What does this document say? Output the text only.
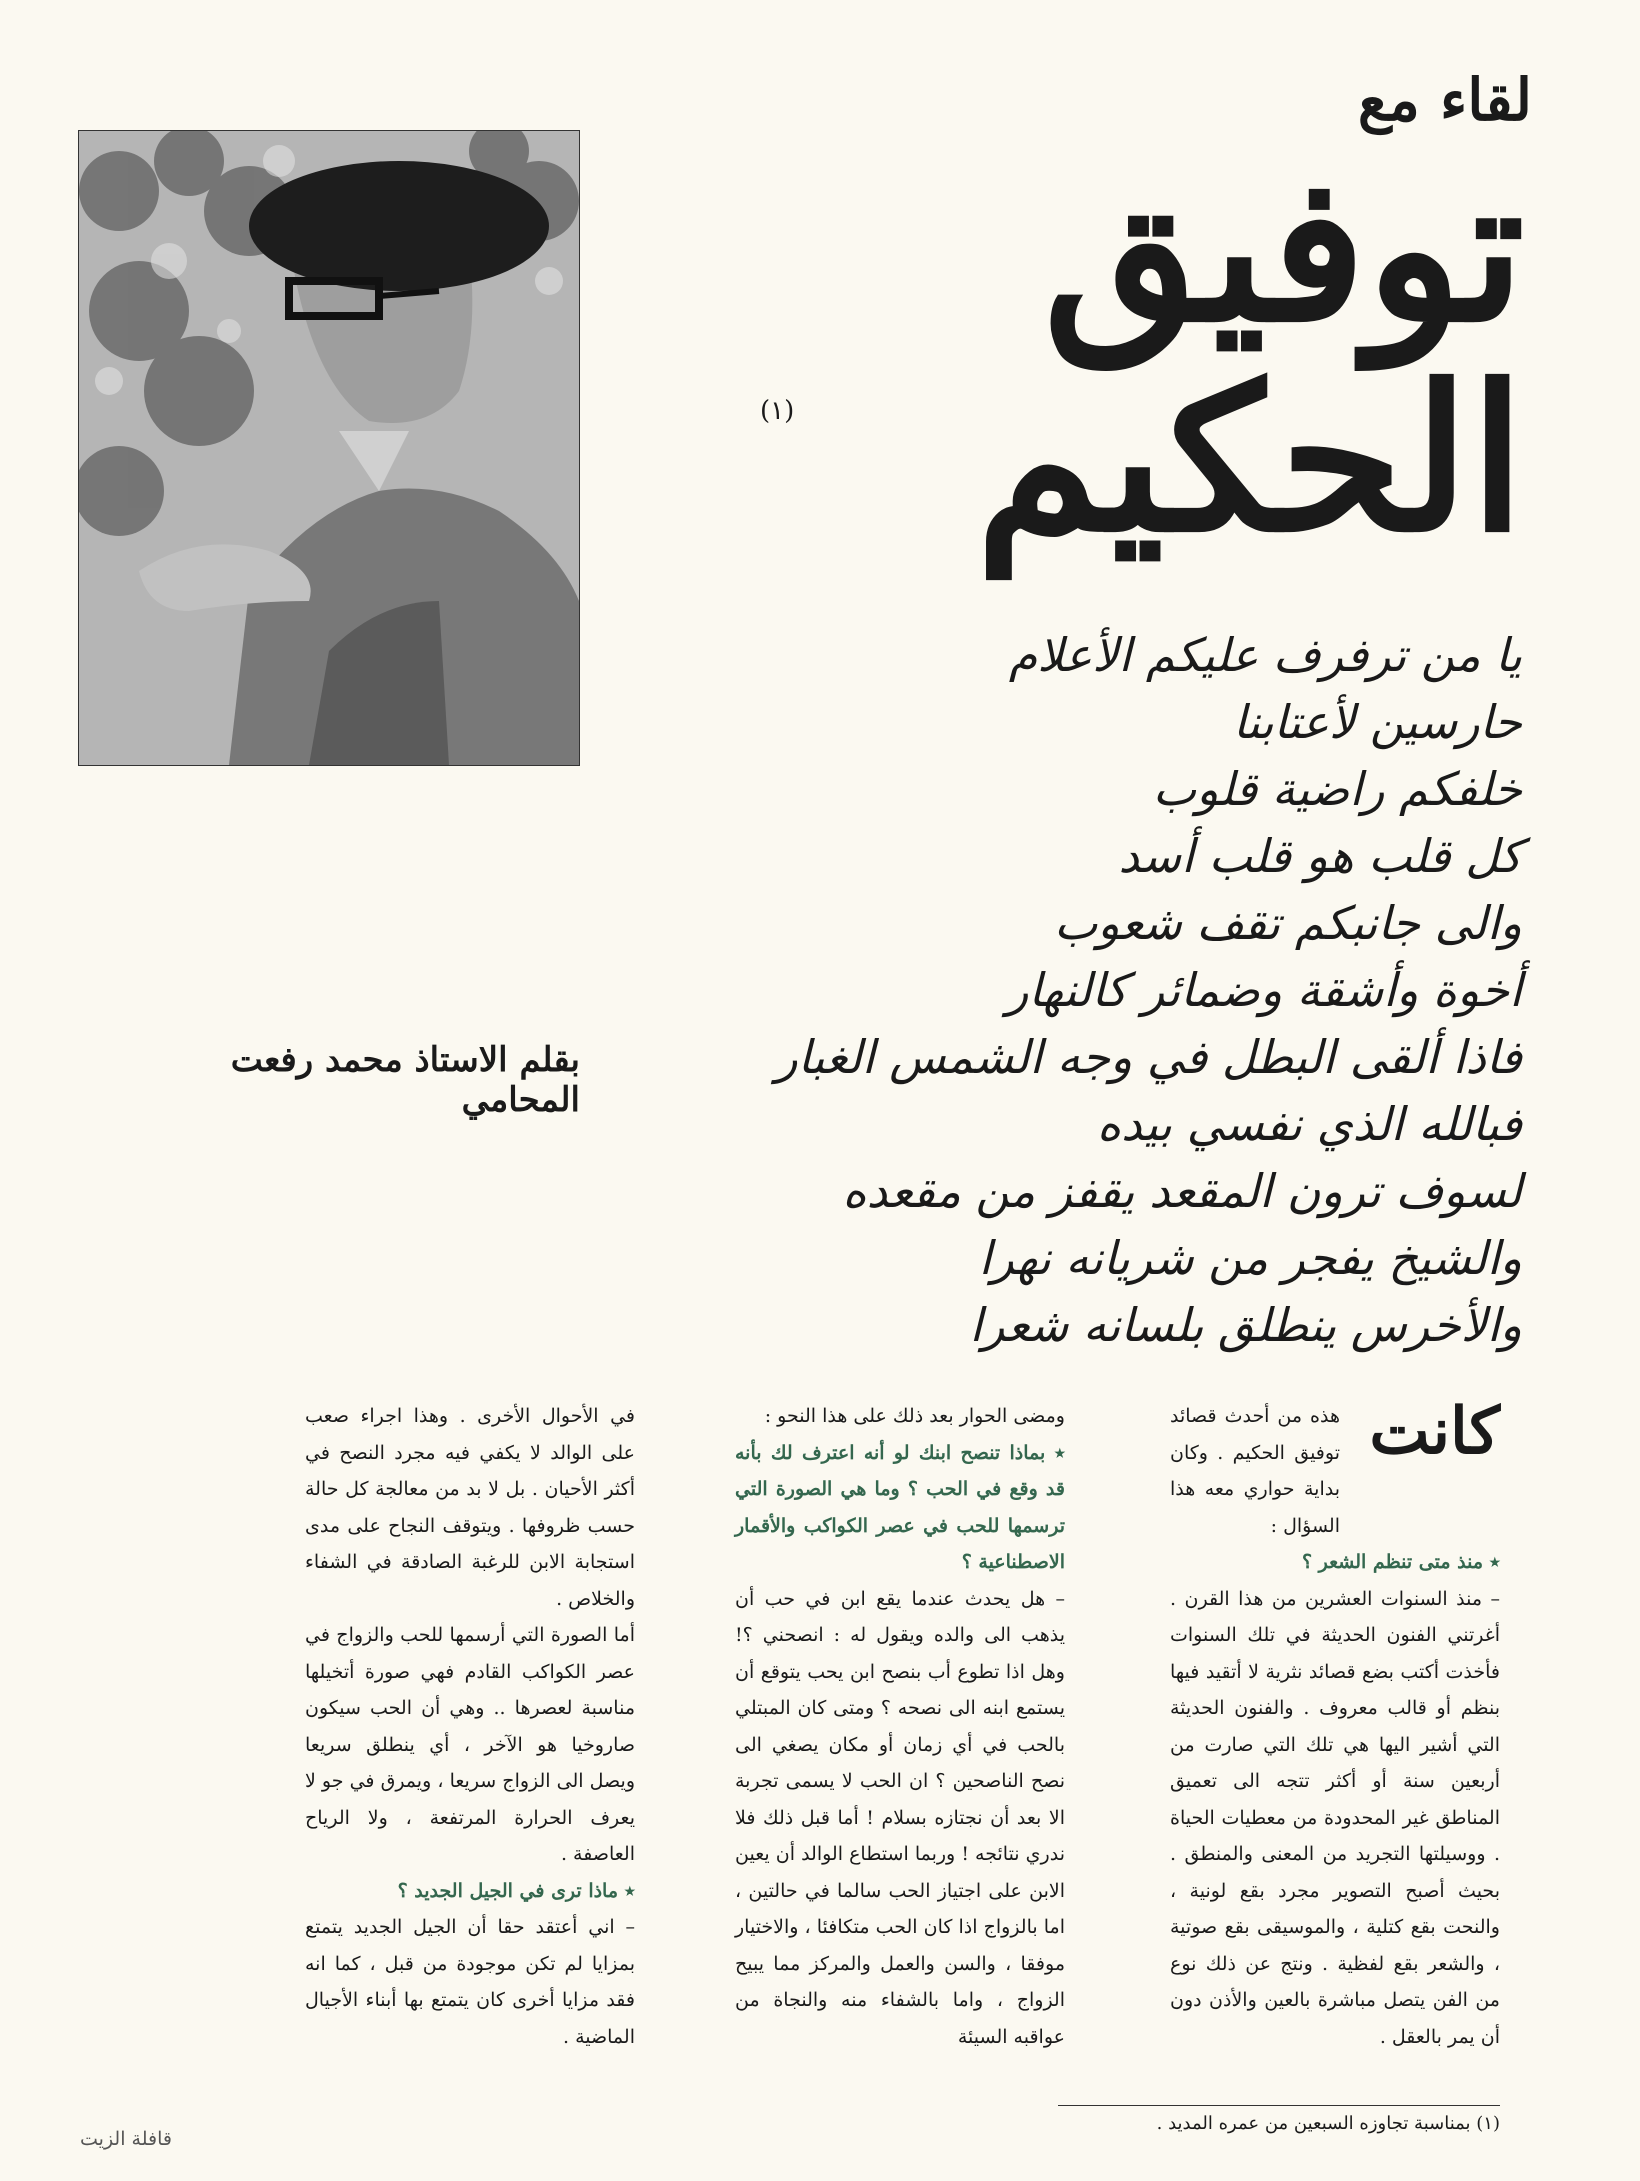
لقاء مع
توفيق
الحكيم
(١)
يا من ترفرف عليكم الأعلام
حارسين لأعتابنا
خلفكم راضية قلوب
كل قلب هو قلب أسد
والى جانبكم تقف شعوب
أخوة وأشقة وضمائر كالنهار
فاذا ألقى البطل في وجه الشمس الغبار
فبالله الذي نفسي بيده
لسوف ترون المقعد يقفز من مقعده
والشيخ يفجر من شريانه نهرا
والأخرس ينطلق بلسانه شعرا
بقلم الاستاذ محمد رفعت المحامي
كانت

هذه من أحدث قصائد توفيق الحكيم . وكان بداية حواري معه هذا السؤال :

٭ منذ متى تنظم الشعر ؟

– منذ السنوات العشرين من هذا القرن . أغرتني الفنون الحديثة في تلك السنوات فأخذت أكتب بضع قصائد نثرية لا أتقيد فيها بنظم أو قالب معروف . والفنون الحديثة التي أشير اليها هي تلك التي صارت من أربعين سنة أو أكثر تتجه الى تعميق المناطق غير المحدودة من معطيات الحياة . ووسيلتها التجريد من المعنى والمنطق . بحيث أصبح التصوير مجرد بقع لونية ، والنحت بقع كتلية ، والموسيقى بقع صوتية ، والشعر بقع لفظية . ونتج عن ذلك نوع من الفن يتصل مباشرة بالعين والأذن دون أن يمر بالعقل .

ومضى الحوار بعد ذلك على هذا النحو :

٭ بماذا تنصح ابنك لو أنه اعترف لك بأنه قد وقع في الحب ؟ وما هي الصورة التي ترسمها للحب في عصر الكواكب والأقمار الاصطناعية ؟

– هل يحدث عندما يقع ابن في حب أن يذهب الى والده ويقول له : انصحني ؟! وهل اذا تطوع أب بنصح ابن يحب يتوقع أن يستمع ابنه الى نصحه ؟ ومتى كان المبتلي بالحب في أي زمان أو مكان يصغي الى نصح الناصحين ؟ ان الحب لا يسمى تجربة الا بعد أن نجتازه بسلام ! أما قبل ذلك فلا ندري نتائجه ! وربما استطاع الوالد أن يعين الابن على اجتياز الحب سالما في حالتين ، اما بالزواج اذا كان الحب متكافئا ، والاختيار موفقا ، والسن والعمل والمركز مما يبيح الزواج ، واما بالشفاء منه والنجاة من عواقبه السيئة

في الأحوال الأخرى . وهذا اجراء صعب على الوالد لا يكفي فيه مجرد النصح في أكثر الأحيان . بل لا بد من معالجة كل حالة حسب ظروفها . ويتوقف النجاح على مدى استجابة الابن للرغبة الصادقة في الشفاء والخلاص .

أما الصورة التي أرسمها للحب والزواج في عصر الكواكب القادم فهي صورة أتخيلها مناسبة لعصرها .. وهي أن الحب سيكون صاروخيا هو الآخر ، أي ينطلق سريعا ويصل الى الزواج سريعا ، ويمرق في جو لا يعرف الحرارة المرتفعة ، ولا الرياح العاصفة .

٭ ماذا ترى في الجيل الجديد ؟

– اني أعتقد حقا أن الجيل الجديد يتمتع بمزايا لم تكن موجودة من قبل ، كما انه فقد مزايا أخرى كان يتمتع بها أبناء الأجيال الماضية .

(١) بمناسبة تجاوزه السبعين من عمره المديد .
قافلة الزيت
